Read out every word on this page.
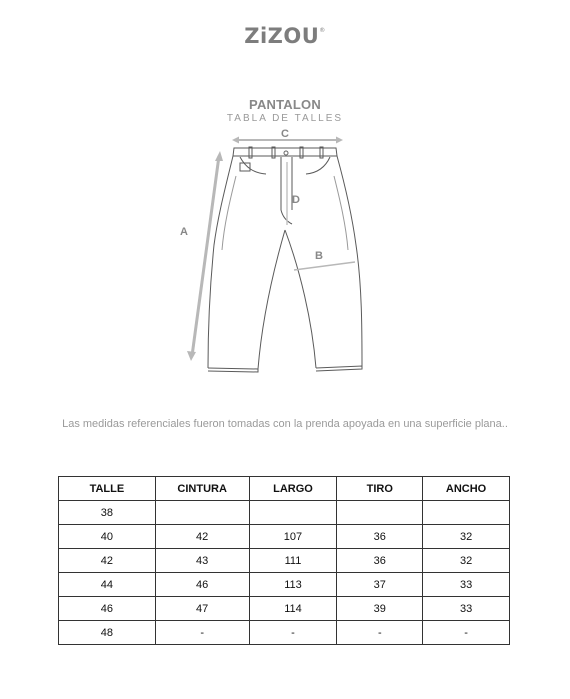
ZiZOU®
PANTALON
TABLA DE TALLES
C
A
D
B
Las medidas referenciales fueron tomadas con la prenda apoyada en una superficie plana..
TALLE	CINTURA	LARGO	TIRO	ANCHO
38				
40	42	107	36	32
42	43	111	36	32
44	46	113	37	33
46	47	114	39	33
48	-	-	-	-
